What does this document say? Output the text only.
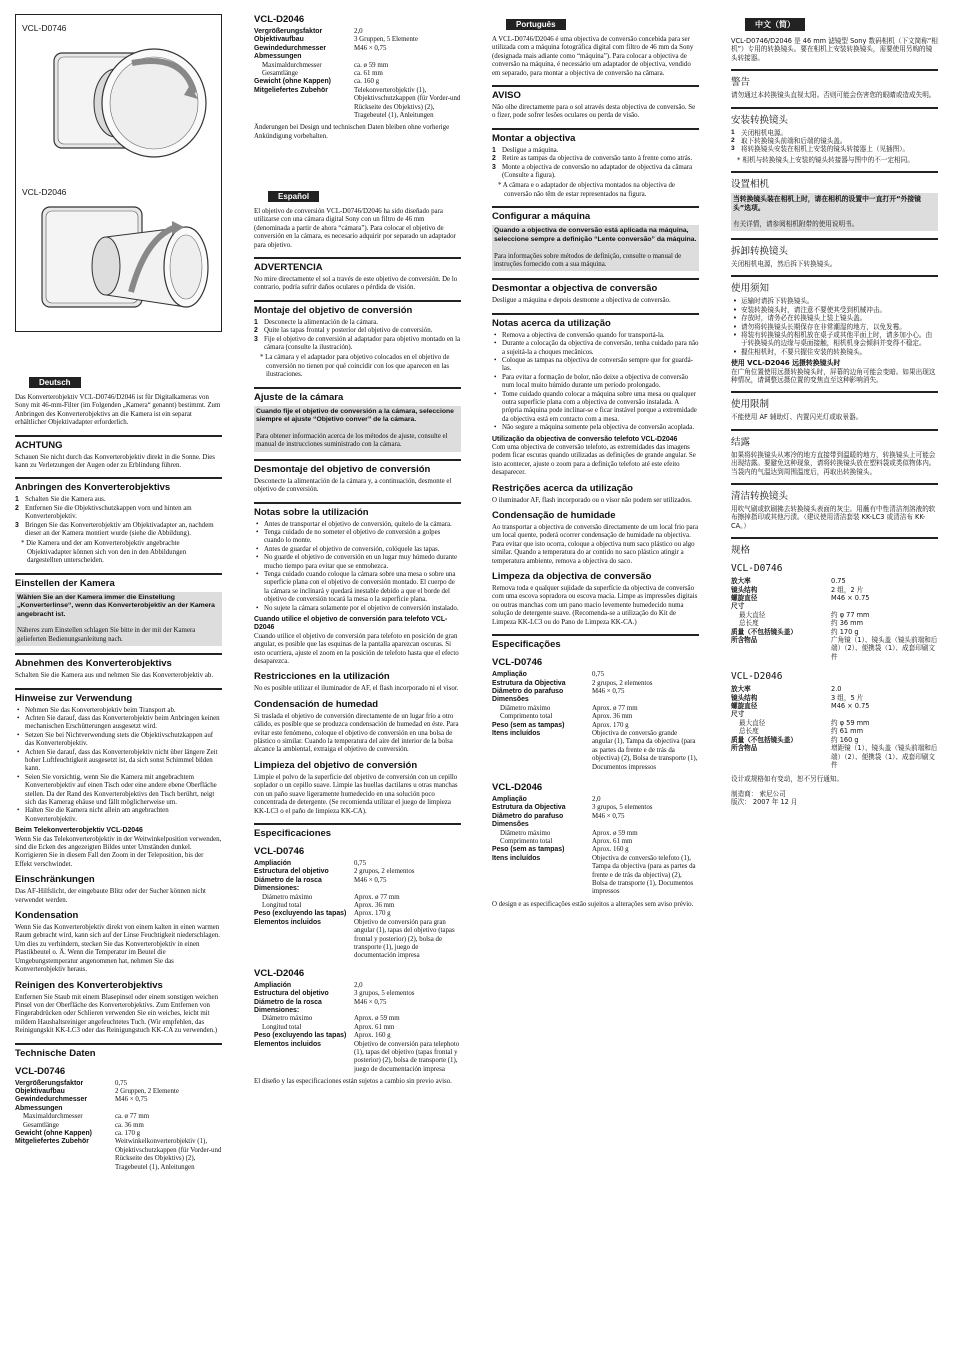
VCL-D0746
VCL-D2046
Deutsch

Das Konverterobjektiv VCL-D0746/D2046 ist für Digitalkameras von Sony mit 46-mm-Filter (im Folgenden „Kamera“ genannt) bestimmt. Zum Anbringen des Konverterobjektivs an die Kamera ist ein separat erhältlicher Objektivadapter erforderlich.

ACHTUNG

Schauen Sie nicht durch das Konverterobjektiv direkt in die Sonne. Dies kann zu Verletzungen der Augen oder zu Erblindung führen.

Anbringen des Konverterobjektivs
1 Schalten Sie die Kamera aus.
2 Entfernen Sie die Objektivschutzkappen vorn und hinten am Konverterobjektiv.
3 Bringen Sie das Konverterobjektiv am Objektivadapter an, nachdem dieser an der Kamera montiert wurde (siehe die Abbildung).

* Die Kamera und der am Konverterobjektiv angebrachte Objektivadapter können sich von den in den Abbildungen dargestellten unterscheiden.

Einstellen der Kamera
Wählen Sie an der Kamera immer die Einstellung „Konverterlinse“, wenn das Konverterobjektiv an der Kamera angebracht ist.

Näheres zum Einstellen schlagen Sie bitte in der mit der Kamera gelieferten Bedienungsanleitung nach.
Abnehmen des Konverterobjektivs

Schalten Sie die Kamera aus und nehmen Sie das Konverterobjektiv ab.

Hinweise zur Verwendung
• Nehmen Sie das Konverterobjektiv beim Transport ab.
• Achten Sie darauf, dass das Konverterobjektiv beim Anbringen keinen mechanischen Erschütterungen ausgesetzt wird.
• Setzen Sie bei Nichtverwendung stets die Objektivschutzkappen auf das Konverterobjektiv.
• Achten Sie darauf, dass das Konverterobjektiv nicht über längere Zeit hoher Luftfeuchtigkeit ausgesetzt ist, da sich sonst Schimmel bilden kann.
• Seien Sie vorsichtig, wenn Sie die Kamera mit angebrachtem Konverterobjektiv auf einen Tisch oder eine andere ebene Oberfläche stellen. Da der Rand des Konverterobjektivs den Tisch berührt, neigt sich das Kamerag ehäuse und fällt möglicherweise um.
• Halten Sie die Kamera nicht allein am angebrachten Konverterobjektiv.
Beim Telekonverterobjektiv VCL-D2046

Wenn Sie das Telekonverterobjektiv in der Weitwinkelposition verwenden, sind die Ecken des angezeigten Bildes unter Umständen dunkel. Korrigieren Sie in diesem Fall den Zoom in der Teleposition, bis der Effekt verschwindet.

Einschränkungen

Das AF-Hilfslicht, der eingebaute Blitz oder der Sucher können nicht verwendet werden.

Kondensation

Wenn Sie das Konverterobjektiv direkt von einem kalten in einen warmen Raum gebracht wird, kann sich auf der Linse Feuchtigkeit niederschlagen. Um dies zu verhindern, stecken Sie das Konverterobjektiv in einen Plastikbeutel o. Ä. Wenn die Temperatur im Beutel die Umgebungstemperatur angenommen hat, nehmen Sie das Konverterobjektiv heraus.

Reinigen des Konverterobjektivs

Entfernen Sie Staub mit einem Blasepinsel oder einem sonstigen weichen Pinsel von der Oberfläche des Konverterobjektivs. Zum Entfernen von Fingerabdrücken oder Schlieren verwenden Sie ein weiches, leicht mit mildem Haushaltsreiniger angefeuchtetes Tuch. (Wir empfehlen, das Reinigungskit KK-LC3 oder das Reinigungstuch KK-CA zu verwenden.)

Technische Daten
VCL-D0746
Vergrößerungsfaktor	0,75
Objektivaufbau	2 Gruppen, 2 Elemente
Gewindedurchmesser	M46 × 0,75
Abmessungen
Maximaldurchmesser	ca. ø 77 mm
Gesamtlänge	ca. 36 mm
Gewicht (ohne Kappen)	ca. 170 g
Mitgeliefertes Zubehör	Weitwinkelkonverterobjektiv (1), Objektivschutzkappen (für Vorder-und Rückseite des Objektivs) (2), Tragebeutel (1), Anleitungen
VCL-D2046
Vergrößerungsfaktor	2,0
Objektivaufbau	3 Gruppen, 5 Elemente
Gewindedurchmesser	M46 × 0,75
Abmessungen
Maximaldurchmesser	ca. ø 59 mm
Gesamtlänge	ca. 61 mm
Gewicht (ohne Kappen)	ca. 160 g
Mitgeliefertes Zubehör	Telekonverterobjektiv (1), Objektivschutzkappen (für Vorder-und Rückseite des Objektivs) (2), Tragebeutel (1), Anleitungen

Änderungen bei Design und technischen Daten bleiben ohne vorherige Ankündigung vorbehalten.

Español

El objetivo de conversión VCL-D0746/D2046 ha sido diseñado para utilizarse con una cámara digital Sony con un filtro de 46 mm (denominada a partir de ahora “cámara”). Para colocar el objetivo de conversión en la cámara, es necesario adquirir por separado un adaptador para objetivo.

ADVERTENCIA

No mire directamente el sol a través de este objetivo de conversión. De lo contrario, podría sufrir daños oculares o pérdida de visión.

Montaje del objetivo de conversión
1 Desconecte la alimentación de la cámara.
2 Quite las tapas frontal y posterior del objetivo de conversión.
3 Fije el objetivo de conversión al adaptador para objetivo montado en la cámara (consulte la ilustración).

* La cámara y el adaptador para objetivo colocados en el objetivo de conversión no tienen por qué coincidir con los que aparecen en las ilustraciones.

Ajuste de la cámara
Cuando fije el objetivo de conversión a la cámara, seleccione siempre el ajuste “Objetivo conver” de la cámara.

Para obtener información acerca de los métodos de ajuste, consulte el manual de instrucciones suministrado con la cámara.
Desmontaje del objetivo de conversión

Desconecte la alimentación de la cámara y, a continuación, desmonte el objetivo de conversión.

Notas sobre la utilización
• Antes de transportar el objetivo de conversión, quítelo de la cámara.
• Tenga cuidado de no someter el objetivo de conversión a golpes cuando lo monte.
• Antes de guardar el objetivo de conversión, colóquele las tapas.
• No guarde el objetivo de conversión en un lugar muy húmedo durante mucho tiempo para evitar que se enmohezca.
• Tenga cuidado cuando coloque la cámara sobre una mesa o sobre una superficie plana con el objetivo de conversión montado. El cuerpo de la cámara se inclinará y quedará inestable debido a que el borde del objetivo de conversión tocará la mesa o la superficie plana.
• No sujete la cámara solamente por el objetivo de conversión instalado.
Cuando utilice el objetivo de conversión para telefoto VCL-D2046

Cuando utilice el objetivo de conversión para telefoto en posición de gran angular, es posible que las esquinas de la pantalla aparezcan oscuras. Si esto ocurriera, ajuste el zoom en la posición de telefoto hasta que el efecto desaparezca.

Restricciones en la utilización

No es posible utilizar el iluminador de AF, el flash incorporado ni el visor.

Condensación de humedad

Si traslada el objetivo de conversión directamente de un lugar frío a otro cálido, es posible que se produzca condensación de humedad en éste. Para evitar este fenómeno, coloque el objetivo de conversión en una bolsa de plástico o similar. Cuando la temperatura del aire del interior de la bolsa alcance la ambiental, extraiga el objetivo de conversión.

Limpieza del objetivo de conversión

Limpie el polvo de la superficie del objetivo de conversión con un cepillo soplador o un cepillo suave. Limpie las huellas dactilares u otras manchas con un paño suave ligeramente humedecido en una solución poco concentrada de detergente. (Se recomienda utilizar el juego de limpieza KK-LC3 o el paño de limpieza KK-CA).

Especificaciones
VCL-D0746
Ampliación	0,75
Estructura del objetivo	2 grupos, 2 elementos
Diámetro de la rosca	M46 × 0,75
Dimensiones:
Diámetro máximo	Aprox. ø 77 mm
Longitud total	Aprox. 36 mm
Peso (excluyendo las tapas)	Aprox. 170 g
Elementos incluidos	Objetivo de conversión para gran angular (1), tapas del objetivo (tapas frontal y posterior) (2), bolsa de transporte (1), juego de documentación impresa
VCL-D2046
Ampliación	2,0
Estructura del objetivo	3 grupos, 5 elementos
Diámetro de la rosca	M46 × 0,75
Dimensiones:
Diámetro máximo	Aprox. ø 59 mm
Longitud total	Aprox. 61 mm
Peso (excluyendo las tapas)	Aprox. 160 g
Elementos incluidos	Objetivo de conversión para telephoto (1), tapas del objetivo (tapas frontal y posterior) (2), bolsa de transporte (1), juego de documentación impresa

El diseño y las especificaciones están sujetos a cambio sin previo aviso.

Português

A VCL-D0746/D2046 é uma objectiva de conversão concebida para ser utilizada com a máquina fotográfica digital com filtro de 46 mm da Sony (designada mais adiante como “máquina”). Para colocar a objectiva de conversão na máquina, é necessário um adaptador de objectiva, vendido em separado, para montar a objectiva de conversão na câmara.

AVISO

Não olhe directamente para o sol através desta objectiva de conversão. Se o fizer, pode sofrer lesões oculares ou perda de visão.

Montar a objectiva
1 Desligue a máquina.
2 Retire as tampas da objectiva de conversão tanto à frente como atrás.
3 Monte a objectiva de conversão no adaptador de objectiva da câmara (Consulte a figura).

* A câmara e o adaptador de objectiva montados na objectiva de conversão não têm de estar representados na figura.

Configurar a máquina
Quando a objectiva de conversão está aplicada na máquina, seleccione sempre a definição “Lente conversão” da máquina.

Para informações sobre métodos de definição, consulte o manual de instruções fornecido com a sua máquina.
Desmontar a objectiva de conversão

Desligue a máquina e depois desmonte a objectiva de conversão.

Notas acerca da utilização
• Remova a objectiva de conversão quando for transportá-la.
• Durante a colocação da objectiva de conversão, tenha cuidado para não a sujeitá-la a choques mecânicos.
• Coloque as tampas na objectiva de conversão sempre que for guardá-las.
• Para evitar a formação de bolor, não deixe a objectiva de conversão num local muito húmido durante um período prolongado.
• Tome cuidado quando colocar a máquina sobre uma mesa ou qualquer outra superfície plana com a objectiva de conversão instalada. A própria máquina pode inclinar-se e ficar instável porque a extremidade da objectiva está em contacto com a mesa.
• Não segure a máquina somente pela objectiva de conversão acoplada.
Utilização da objectiva de conversão telefoto VCL-D2046

Com uma objectiva de conversão telefoto, as extremidades das imagens podem ficar escuras quando utilizadas as definições de grande angular. Se isto acontecer, ajuste o zoom para a definição telefoto até este efeito desaparecer.

Restrições acerca da utilização

O iluminador AF, flash incorporado ou o visor não podem ser utilizados.

Condensação de humidade

Ao transportar a objectiva de conversão directamente de um local frio para um local quente, poderá ocorrer condensação de humidade na objectiva. Para evitar que isto ocorra, coloque a objectiva num saco plástico ou algo similar. Quando a temperatura do ar contido no saco plástico atingir a temperatura ambiente, remova a objectiva do saco.

Limpeza da objectiva de conversão

Remova toda e qualquer sujidade da superfície da objectiva de conversão com uma escova sopradora ou escova macia. Limpe as impressões digitais ou outras manchas com um pano macio levemente humedecido numa solução de detergente suave. (Recomenda-se a utilização do Kit de Limpeza KK-LC3 ou do Pano de Limpeza KK-CA.)

Especificações
VCL-D0746
Ampliação	0,75
Estrutura da Objectiva	2 grupos, 2 elementos
Diâmetro do parafuso	M46 × 0,75
Dimensões
Diâmetro máximo	Aprox. ø 77 mm
Comprimento total	Aprox. 36 mm
Peso (sem as tampas)	Aprox. 170 g
Itens incluídos	Objectiva de conversão grande angular (1), Tampa da objectiva (para as partes da frente e de trás da objectiva) (2), Bolsa de transporte (1), Documentos impressos
VCL-D2046
Ampliação	2,0
Estrutura da Objectiva	3 grupos, 5 elementos
Diâmetro do parafuso	M46 × 0,75
Dimensões
Diâmetro máximo	Aprox. ø 59 mm
Comprimento total	Aprox. 61 mm
Peso (sem as tampas)	Aprox. 160 g
Itens incluídos	Objectiva de conversão telefoto (1), Tampa da objectiva (para as partes da frente e de trás da objectiva) (2), Bolsa de transporte (1), Documentos impressos

O design e as especificações estão sujeitos a alterações sem aviso prévio.

中文（简）

VCL-D0746/D2046 是 46 mm 滤镜型 Sony 数码相机（下文简称“相机”）专用的转换镜头。要在相机上安装转换镜头，需要使用另购的镜头转接器。

警告

请勿通过本转换镜头直视太阳。否则可能会伤害您的眼睛或造成失明。

安装转换镜头
1 关闭相机电源。
2 取下转换镜头前端和后端的镜头盖。
3 将转换镜头安装在相机上安装的镜头转接器上（见插图）。

* 相机与转换镜头上安装的镜头转接器与图中的不一定相同。

设置相机
当转换镜头装在相机上时，请在相机的设置中一直打开“外接镜头”选项。

有关详情，请参阅相机附带的使用说明书。
拆卸转换镜头

关闭相机电源，然后拆下转换镜头。

使用须知
• 运输时请拆下转换镜头。
• 安装转换镜头时，请注意不要使其受到机械冲击。
• 存放时，请务必在转换镜头上装上镜头盖。
• 请勿将转换镜头长期保存在非常潮湿的地方，以免发霉。
• 将装有转换镜头的相机放在桌子或其他平面上时，请多加小心。由于转换镜头的边缘与桌面接触，相机机身会倾斜并变得不稳定。
• 握住相机时，不要只握住安装的转换镜头。
使用 VCL-D2046 远摄转换镜头时

在广角位置使用远摄转换镜头时，屏幕的边角可能会变暗。如果出现这种情况，请调整远摄位置的变焦直至这种影响消失。

使用限制

不能使用 AF 辅助灯、内置闪光灯或取景器。

结露

如果将转换镜头从寒冷的地方直接带到温暖的地方，转换镜头上可能会出现结露。要避免这种现象，请将转换镜头放在塑料袋或类似物体内。当袋内的气温达到周围温度后，再取出转换镜头。

清洁转换镜头

用吹气刷或软刷拂去转换镜头表面的灰尘。用蘸有中性清洁剂溶液的软布擦掉指印或其他污渍。（建议使用清洁套装 KK-LC3 或清洁布 KK-CA。）

规格
VCL-D0746
放大率	0.75
镜头结构	2 组，2 片
螺旋直径	M46 × 0.75
尺寸
最大直径	约 φ 77 mm
总长度	约 36 mm
质量（不包括镜头盖）	约 170 g
所含物品	广角镜（1）、镜头盖（镜头前端和后端）（2）、便携袋（1）、成套印刷文件
VCL-D2046
放大率	2.0
镜头结构	3 组，5 片
螺旋直径	M46 × 0.75
尺寸
最大直径	约 φ 59 mm
总长度	约 61 mm
质量（不包括镜头盖）	约 160 g
所含物品	增距镜（1）、镜头盖（镜头前端和后端）（2）、便携袋（1）、成套印刷文件

设计或规格如有变动，恕不另行通知。

制造商： 索尼公司

版次： 2007 年 12 月
